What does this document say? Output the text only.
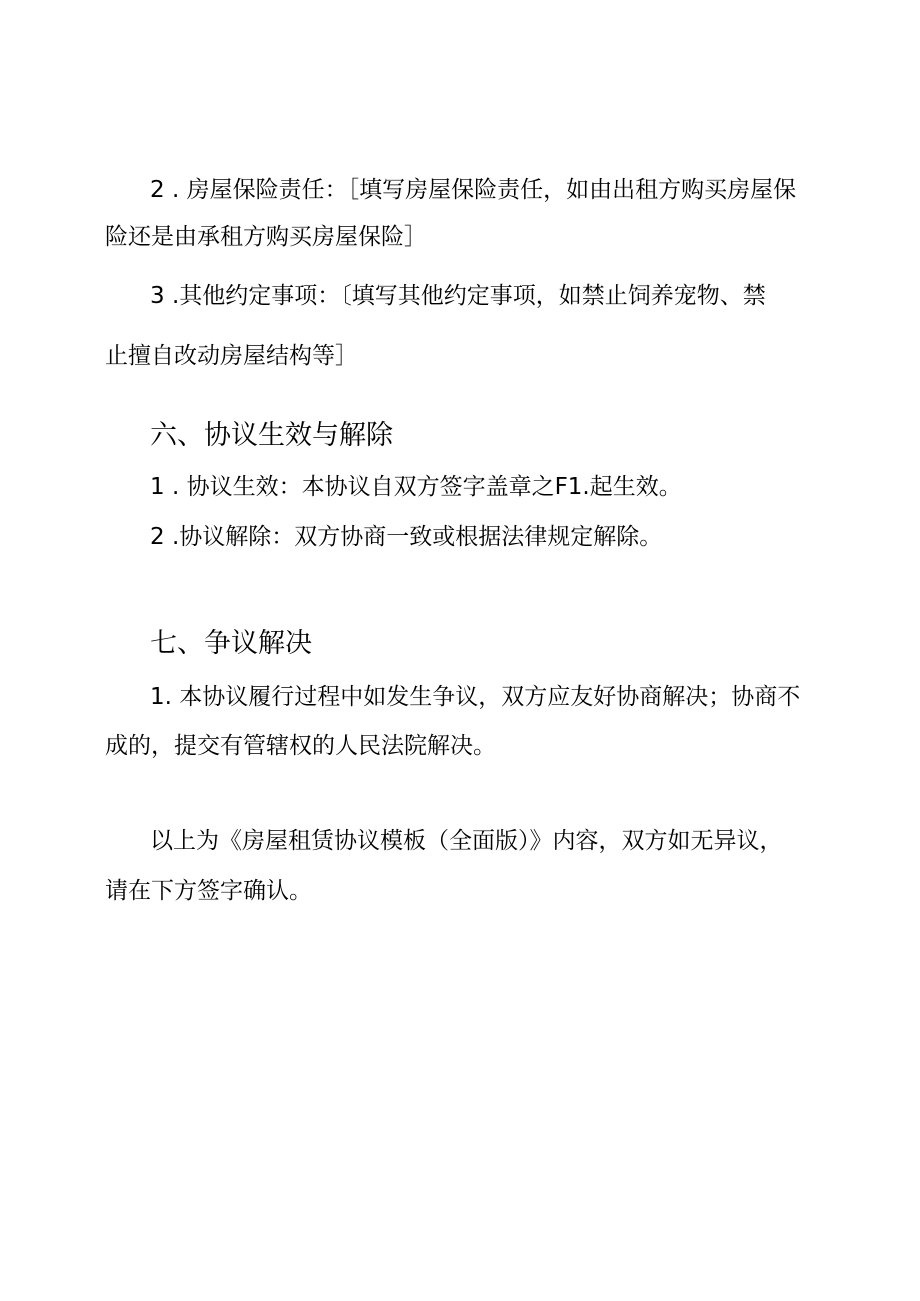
2 . 房屋保险责任：［填写房屋保险责任，如由出租方购买房屋保
险还是由承租方购买房屋保险］
3 .其他约定事项：〔填写其他约定事项，如禁止饲养宠物、禁
止擅自改动房屋结构等］
六、协议生效与解除
1 . 协议生效：本协议自双方签字盖章之F1.起生效。
2 .协议解除：双方协商一致或根据法律规定解除。
七、争议解决
1. 本协议履行过程中如发生争议，双方应友好协商解决；协商不
成的，提交有管辖权的人民法院解决。
以上为《房屋租赁协议模板（全面版）》内容，双方如无异议，
请在下方签字确认。
